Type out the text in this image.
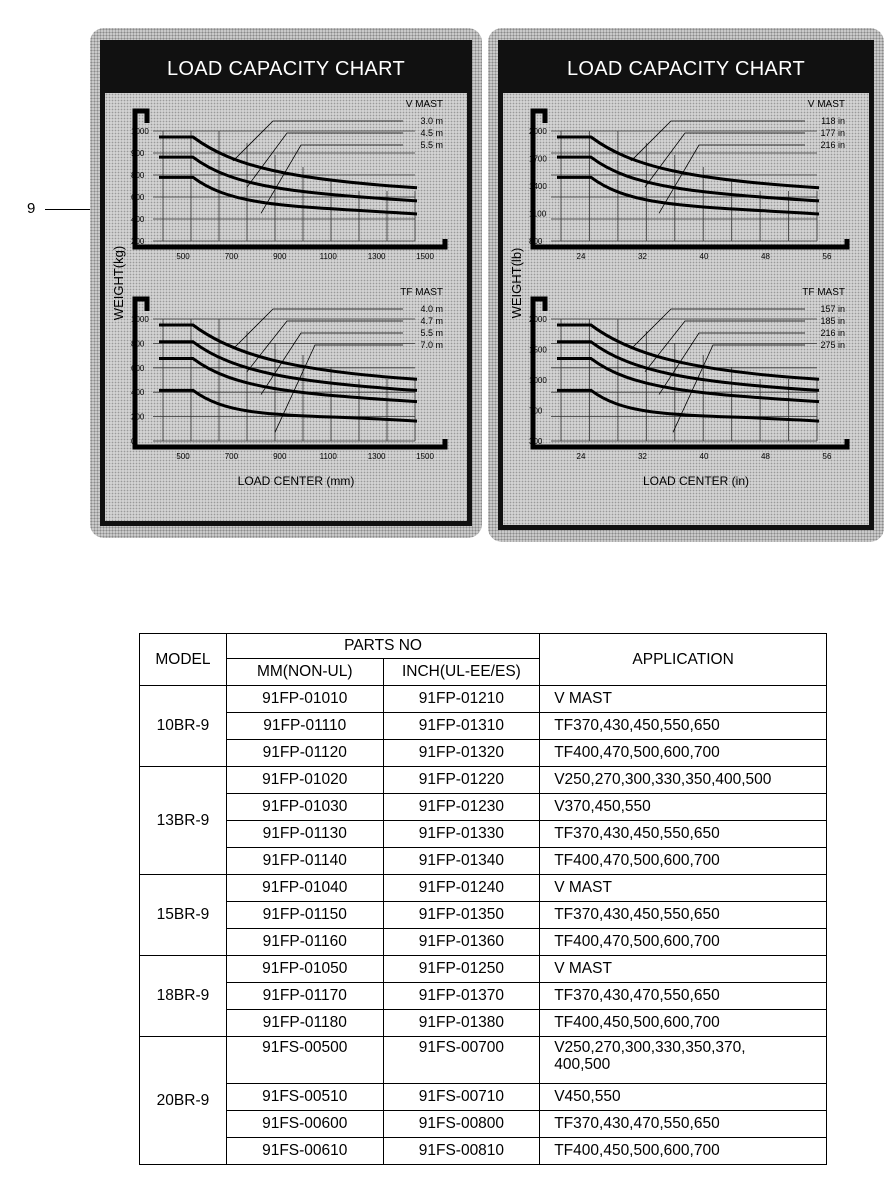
9
LOAD CAPACITY CHART
WEIGHT(kg)
LOAD CENTER (mm)
V MAST
1000
900
800
600
400
200
500	700	900	1100	1300	1500
3.0 m
4.5 m
5.5 m
TF MAST
1000
800
600
400
200
0
500	700	900	1100	1300	1500
4.0 m
4.7 m
5.5 m
7.0 m
LOAD CAPACITY CHART
WEIGHT(lb)
LOAD CENTER (in)
V MAST
2000
1700
1400
1100
800
24	32	40	48	56
118 in
177 in
216 in
TF MAST
2000
1500
1000
700
300
24	32	40	48	56
157 in
185 in
216 in
275 in
MODEL	PARTS NO		APPLICATION
	MM(NON-UL)	INCH(UL-EE/ES)	
10BR-9	91FP-01010	91FP-01210	V MAST
	91FP-01110	91FP-01310	TF370,430,450,550,650
	91FP-01120	91FP-01320	TF400,470,500,600,700
13BR-9	91FP-01020	91FP-01220	V250,270,300,330,350,400,500
	91FP-01030	91FP-01230	V370,450,550
	91FP-01130	91FP-01330	TF370,430,450,550,650
	91FP-01140	91FP-01340	TF400,470,500,600,700
15BR-9	91FP-01040	91FP-01240	V MAST
	91FP-01150	91FP-01350	TF370,430,450,550,650
	91FP-01160	91FP-01360	TF400,470,500,600,700
18BR-9	91FP-01050	91FP-01250	V MAST
	91FP-01170	91FP-01370	TF370,430,470,550,650
	91FP-01180	91FP-01380	TF400,450,500,600,700
20BR-9	91FS-00500	91FS-00700	V250,270,300,330,350,370,
400,500
	91FS-00510	91FS-00710	V450,550
	91FS-00600	91FS-00800	TF370,430,470,550,650
	91FS-00610	91FS-00810	TF400,450,500,600,700
